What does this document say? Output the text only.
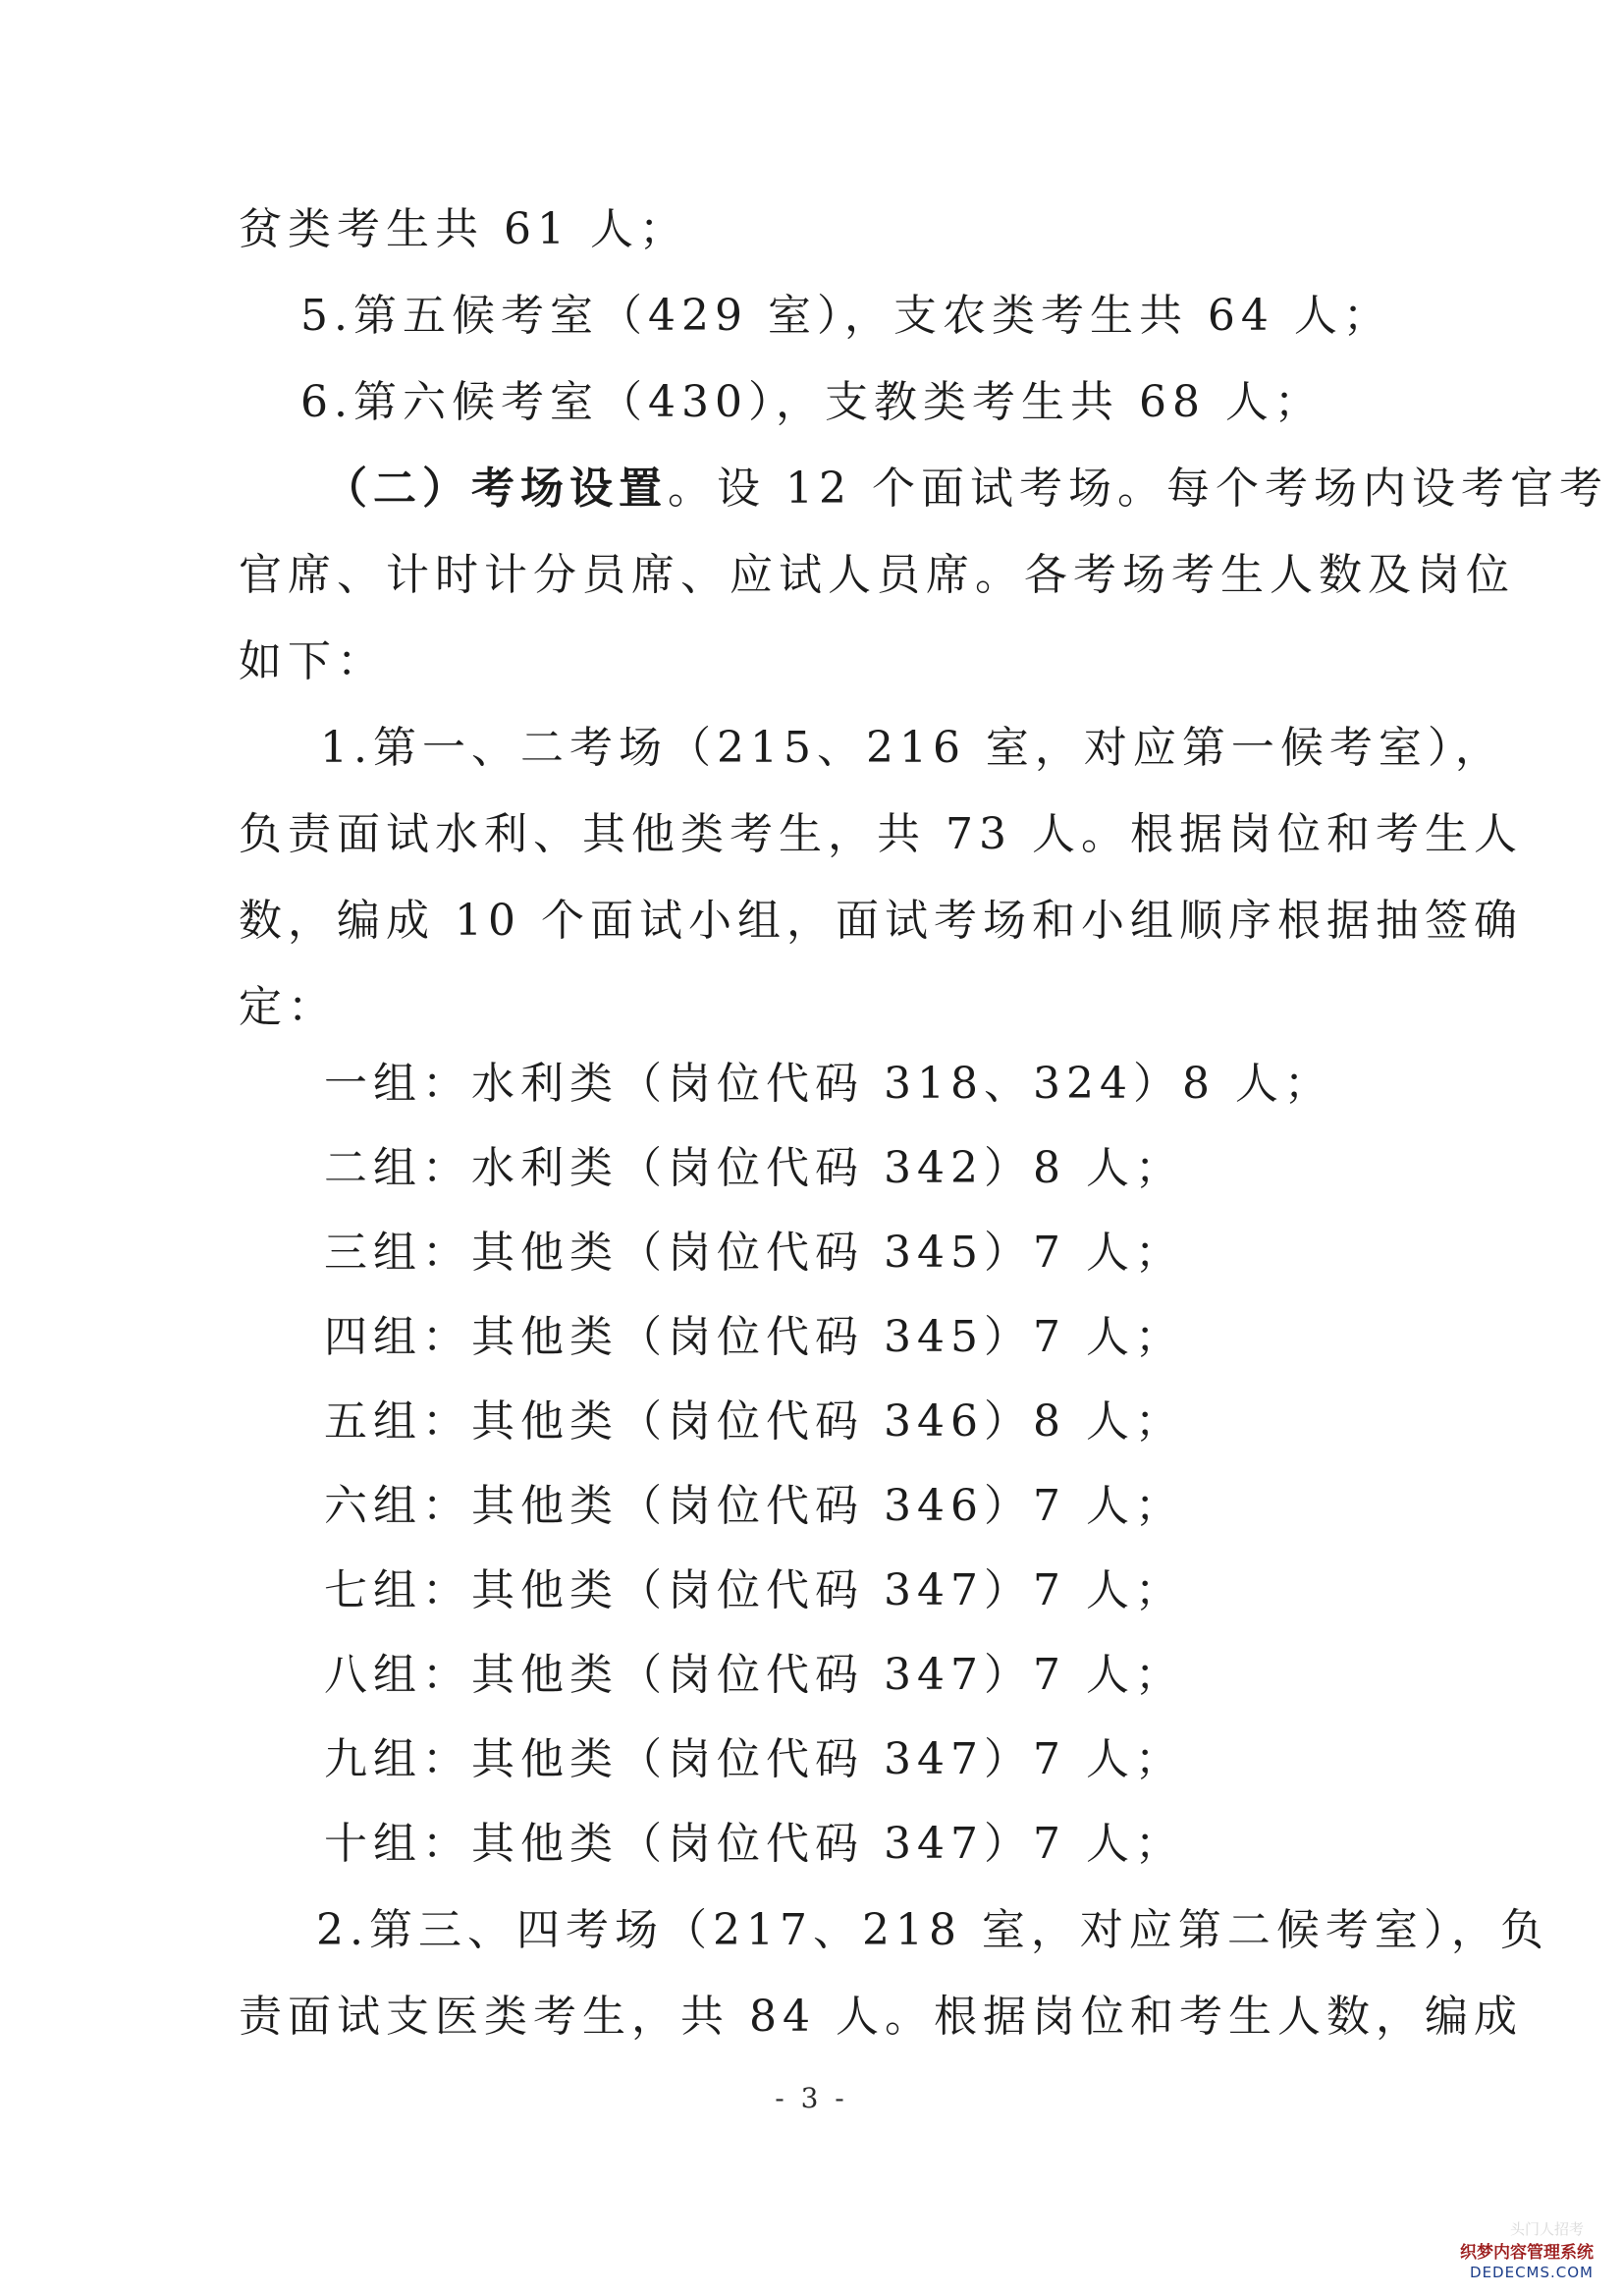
贫类考生共 61 人；
5.第五候考室（429 室），支农类考生共 64 人；
6.第六候考室（430），支教类考生共 68 人；
（二）考场设置。设 12 个面试考场。每个考场内设考官考
官席、计时计分员席、应试人员席。各考场考生人数及岗位
如下：
1.第一、二考场（215、216 室，对应第一候考室），
负责面试水利、其他类考生，共 73 人。根据岗位和考生人
数，编成 10 个面试小组，面试考场和小组顺序根据抽签确
定：
一组：水利类（岗位代码 318、324）8 人；
二组：水利类（岗位代码 342）8 人；
三组：其他类（岗位代码 345）7 人；
四组：其他类（岗位代码 345）7 人；
五组：其他类（岗位代码 346）8 人；
六组：其他类（岗位代码 346）7 人；
七组：其他类（岗位代码 347）7 人；
八组：其他类（岗位代码 347）7 人；
九组：其他类（岗位代码 347）7 人；
十组：其他类（岗位代码 347）7 人；
2.第三、四考场（217、218 室，对应第二候考室），负
责面试支医类考生，共 84 人。根据岗位和考生人数，编成
- 3 -
头门人招考
织梦内容管理系统
DEDECMS.COM
